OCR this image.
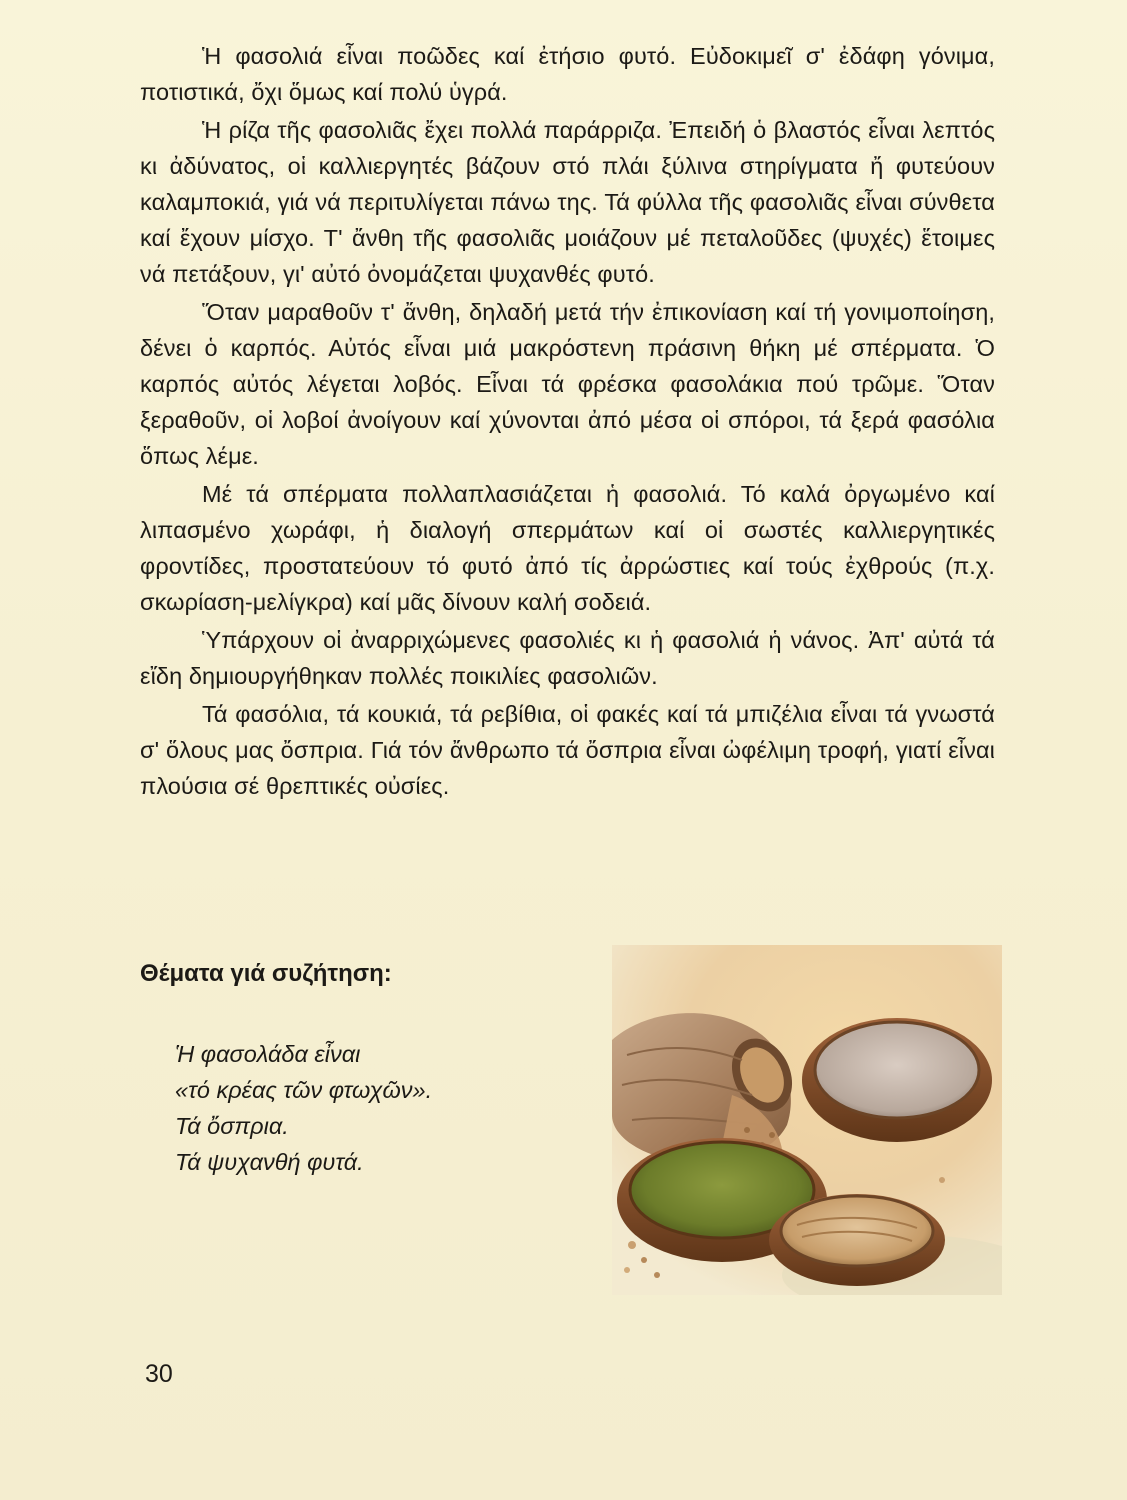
Ἡ φασολιά εἶναι ποῶδες καί ἐτήσιο φυτό. Εὐδοκιμεῖ σ' ἐδάφη γόνιμα, ποτιστικά, ὄχι ὅμως καί πολύ ὑγρά.

Ἡ ρίζα τῆς φασολιᾶς ἔχει πολλά παράρριζα. Ἐπειδή ὁ βλαστός εἶναι λεπτός κι ἀδύνατος, οἱ καλλιεργητές βάζουν στό πλάι ξύλινα στηρίγματα ἤ φυτεύουν καλαμποκιά, γιά νά περιτυλίγεται πάνω της. Τά φύλλα τῆς φασολιᾶς εἶναι σύνθετα καί ἔχουν μίσχο. Τ' ἄνθη τῆς φασολιᾶς μοιάζουν μέ πεταλοῦδες (ψυχές) ἕτοιμες νά πετάξουν, γι' αὐτό ὀνομάζεται ψυχανθές φυτό.

Ὅταν μαραθοῦν τ' ἄνθη, δηλαδή μετά τήν ἐπικονίαση καί τή γονιμοποίηση, δένει ὁ καρπός. Αὐτός εἶναι μιά μακρόστενη πράσινη θήκη μέ σπέρματα. Ὁ καρπός αὐτός λέγεται λοβός. Εἶναι τά φρέσκα φασολάκια πού τρῶμε. Ὅταν ξεραθοῦν, οἱ λοβοί ἀνοίγουν καί χύνονται ἀπό μέσα οἱ σπόροι, τά ξερά φασόλια ὅπως λέμε.

Μέ τά σπέρματα πολλαπλασιάζεται ἡ φασολιά. Τό καλά ὀργωμένο καί λιπασμένο χωράφι, ἡ διαλογή σπερμάτων καί οἱ σωστές καλλιεργητικές φροντίδες, προστατεύουν τό φυτό ἀπό τίς ἀρρώστιες καί τούς ἐχθρούς (π.χ. σκωρίαση-μελίγκρα) καί μᾶς δίνουν καλή σοδειά.

Ὑπάρχουν οἱ ἀναρριχώμενες φασολιές κι ἡ φασολιά ἡ νάνος. Ἀπ' αὐτά τά εἴδη δημιουργήθηκαν πολλές ποικιλίες φασολιῶν.

Τά φασόλια, τά κουκιά, τά ρεβίθια, οἱ φακές καί τά μπιζέλια εἶναι τά γνωστά σ' ὅλους μας ὄσπρια. Γιά τόν ἄνθρωπο τά ὄσπρια εἶναι ὠφέλιμη τροφή, γιατί εἶναι πλούσια σέ θρεπτικές οὐσίες.

Θέματα γιά συζήτηση:
Ἡ φασολάδα εἶναι
«τό κρέας τῶν φτωχῶν».
Τά ὄσπρια.
Τά ψυχανθή φυτά.
30
